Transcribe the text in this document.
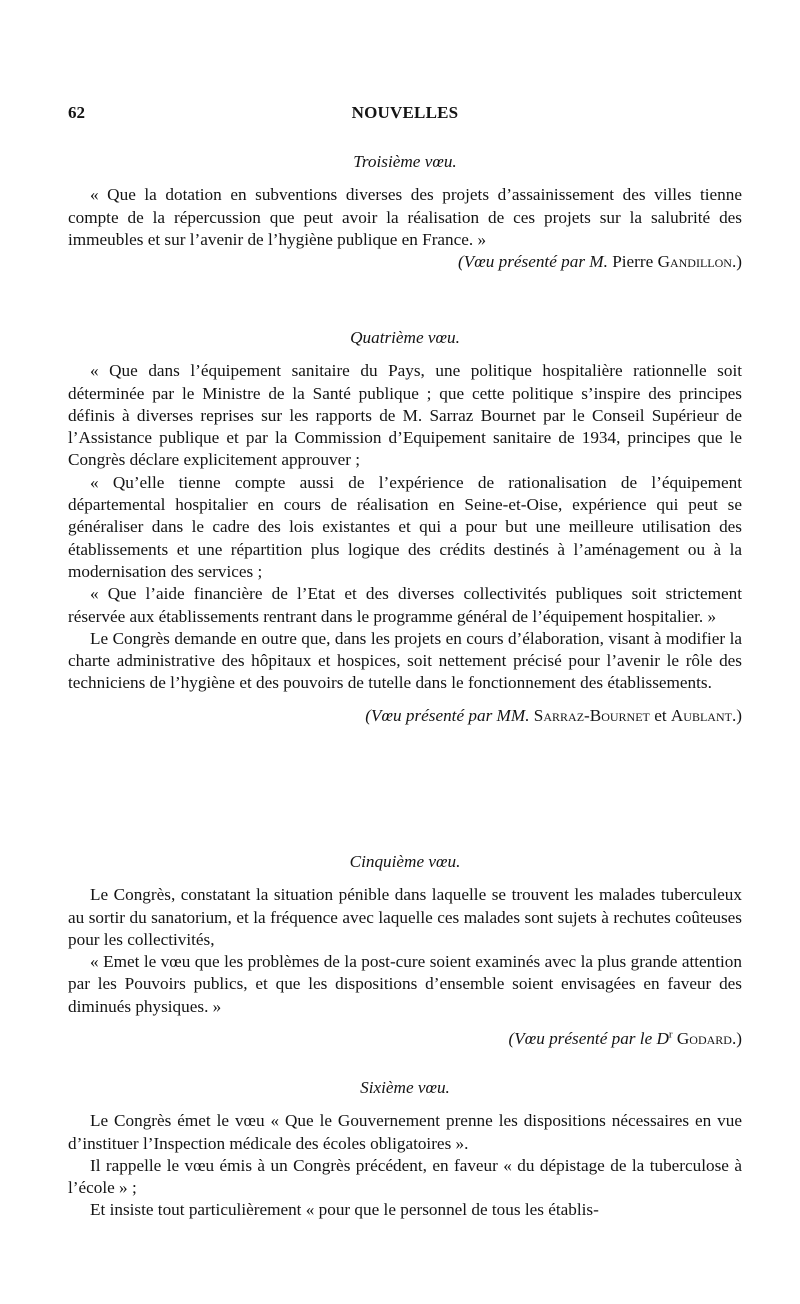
62	NOUVELLES

Troisième vœu.

« Que la dotation en subventions diverses des projets d’assainissement des villes tienne compte de la répercussion que peut avoir la réalisation de ces projets sur la salubrité des immeubles et sur l’avenir de l’hygiène publique en France. »

(Vœu présenté par M. Pierre Gandillon.)

Quatrième vœu.

« Que dans l’équipement sanitaire du Pays, une politique hospitalière rationnelle soit déterminée par le Ministre de la Santé publique ; que cette politique s’inspire des principes définis à diverses reprises sur les rapports de M. Sarraz Bournet par le Conseil Supérieur de l’Assistance publique et par la Commission d’Equipement sanitaire de 1934, principes que le Congrès déclare explicitement approuver ;

« Qu’elle tienne compte aussi de l’expérience de rationalisation de l’équipement départemental hospitalier en cours de réalisation en Seine-et-Oise, expérience qui peut se généraliser dans le cadre des lois existantes et qui a pour but une meilleure utilisation des établissements et une répartition plus logique des crédits destinés à l’aménagement ou à la modernisation des services ;

« Que l’aide financière de l’Etat et des diverses collectivités publiques soit strictement réservée aux établissements rentrant dans le programme général de l’équipement hospitalier. »

Le Congrès demande en outre que, dans les projets en cours d’élaboration, visant à modifier la charte administrative des hôpitaux et hospices, soit nettement précisé pour l’avenir le rôle des techniciens de l’hygiène et des pouvoirs de tutelle dans le fonctionnement des établissements.

(Vœu présenté par MM. Sarraz-Bournet et Aublant.)

Cinquième vœu.

Le Congrès, constatant la situation pénible dans laquelle se trouvent les malades tuberculeux au sortir du sanatorium, et la fréquence avec laquelle ces malades sont sujets à rechutes coûteuses pour les collectivités,

« Emet le vœu que les problèmes de la post-cure soient examinés avec la plus grande attention par les Pouvoirs publics, et que les dispositions d’ensemble soient envisagées en faveur des diminués physiques. »

(Vœu présenté par le $D^r$ Godard.)

Sixième vœu.

Le Congrès émet le vœu « Que le Gouvernement prenne les dispositions nécessaires en vue d’instituer l’Inspection médicale des écoles obligatoires ».

Il rappelle le vœu émis à un Congrès précédent, en faveur « du dépistage de la tuberculose à l’école » ;

Et insiste tout particulièrement « pour que le personnel de tous les établis-
